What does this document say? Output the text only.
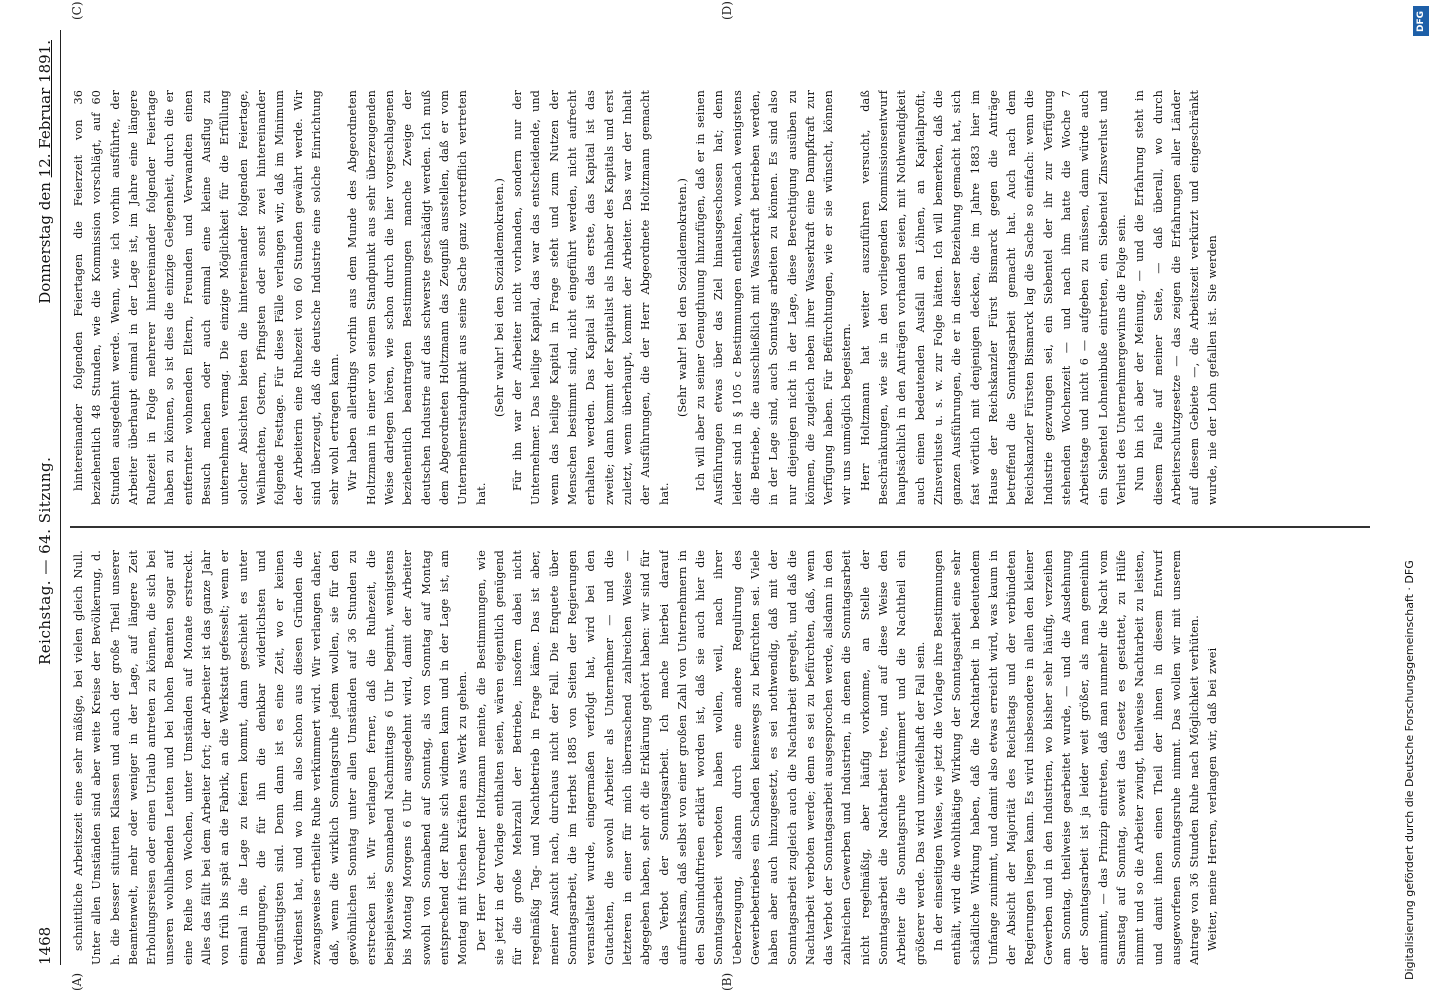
1468
Reichstag. — 64. Sitzung.
Donnerstag den 12. Februar 1891.
(A)	(B)
(C)	(D)

schnittliche Arbeitszeit eine sehr mäßige, bei vielen gleich Null. Unter allen Umständen sind aber weite Kreise der Bevölkerung, d. h. die besser situirten Klassen und auch der große Theil unserer Beamtenwelt, mehr oder weniger in der Lage, auf längere Zeit Erholungsreisen oder einen Urlaub antreten zu können, die sich bei unseren wohlhabenden Leuten und bei hohen Beamten sogar auf eine Reihe von Wochen, unter Umständen auf Monate erstreckt. Alles das fällt bei dem Arbeiter fort; der Arbeiter ist das ganze Jahr von früh bis spät an die Fabrik, an die Werkstatt gefesselt; wenn er einmal in die Lage zu feiern kommt, dann geschieht es unter Bedingungen, die für ihn die denkbar widerlichsten und ungünstigsten sind. Denn dann ist es eine Zeit, wo er keinen Verdienst hat, und wo ihm also schon aus diesen Gründen die zwangsweise ertheilte Ruhe verkümmert wird. Wir verlangen daher, daß, wenn die wirklich Sonntagsruhe jedem wollen, sie für den gewöhnlichen Sonntag unter allen Umständen auf 36 Stunden zu erstrecken ist. Wir verlangen ferner, daß die Ruhezeit, die beispielsweise Sonnabend Nachmittags 6 Uhr beginnt, wenigstens bis Montag Morgens 6 Uhr ausgedehnt wird, damit der Arbeiter sowohl von Sonnabend auf Sonntag, als von Sonntag auf Montag entsprechend der Ruhe sich widmen kann und in der Lage ist, am Montag mit frischen Kräften ans Werk zu gehen. Der Herr Vorredner Holtzmann meinte, die Bestimmungen, wie sie jetzt in der Vorlage enthalten seien, wären eigentlich genügend für die große Mehrzahl der Betriebe, insofern dabei nicht regelmäßig Tag- und Nachtbetrieb in Frage käme. Das ist aber, meiner Ansicht nach, durchaus nicht der Fall. Die Enquete über Sonntagsarbeit, die im Herbst 1885 von Seiten der Regierungen veranstaltet wurde, eingermaßen verfolgt hat, wird bei den Gutachten, die sowohl Arbeiter als Unternehmer — und die letzteren in einer für mich überraschend zahlreichen Weise — abgegeben haben, sehr oft die Erklärung gehört haben: wir sind für das Verbot der Sonntagsarbeit. Ich mache hierbei darauf aufmerksam, daß selbst von einer großen Zahl von Unternehmern in den Saloninduftrieen erklärt worden ist, daß sie auch hier die Sonntagsarbeit verboten haben wollen, weil, nach ihrer Ueberzeugung, alsdann durch eine andere Regulirung des Gewerbebetriebes ein Schaden keineswegs zu befürchten sei. Viele haben aber auch hinzugesetzt, es sei nothwendig, daß mit der Sonntagsarbeit zugleich auch die Nachtarbeit geregelt, und daß die Nachtarbeit verboten werde; denn es sei zu befürchten, daß, wenn das Verbot der Sonntagsarbeit ausgesprochen werde, alsdann in den zahlreichen Gewerben und Industrien, in denen die Sonntagsarbeit nicht regelmäßig, aber häufig vorkomme, an Stelle der Sonntagsarbeit die Nachtarbeit trete, und auf diese Weise den Arbeiter die Sonntagsruhe verkümmert und die Nachtheil ein größerer werde. Das wird unzweifelhaft der Fall sein. In der einseitigen Weise, wie jetzt die Vorlage ihre Bestimmungen enthält, wird die wohlthätige Wirkung der Sonntagsarbeit eine sehr schädliche Wirkung haben, daß die Nachtarbeit in bedeutendem Umfange zunimmt, und damit also etwas erreicht wird, was kaum in der Absicht der Majorität des Reichstags und der verbündeten Regierungen liegen kann. Es wird insbesondere in allen den kleiner Gewerben und in den Industrien, wo bisher sehr häufig, verzeihen am Sonntag, theilweise gearbeitet wurde, — und die Ausdehnung der Sonntagsarbeit ist ja leider weit größer, als man gemeinhin annimmt, — das Prinzip eintreten, daß man nunmehr die Nacht vom Samstag auf Sonntag, soweit das Gesetz es gestattet, zu Hülfe nimmt und so die Arbeiter zwingt, theilweise Nachtarbeit zu leisten, und damit ihnen einen Theil der ihnen in diesem Entwurf ausgeworfenen Sonntagsruhe nimmt. Das wollen wir mit unserem Antrage von 36 Stunden Ruhe nach Möglichkeit verhüten. Weiter, meine Herren, verlangen wir, daß bei zwei

hintereinander folgenden Feiertagen die Feierzeit von 36 beziehentlich 48 Stunden, wie die Kommission vorschlägt, auf 60 Stunden ausgedehnt werde. Wenn, wie ich vorhin ausführte, der Arbeiter überhaupt einmal in der Lage ist, im Jahre eine längere Ruhezeit in Folge mehrerer hintereinander folgender Feiertage haben zu können, so ist dies die einzige Gelegenheit, durch die er entfernter wohnenden Eltern, Freunden und Verwandten einen Besuch machen oder auch einmal eine kleine Ausflug zu unternehmen vermag. Die einzige Möglichkeit für die Erfüllung solcher Absichten bieten die hintereinander folgenden Feiertage, Weihnachten, Ostern, Pfingsten oder sonst zwei hintereinander folgende Festtage. Für diese Fälle verlangen wir, daß im Minimum der Arbeiterin eine Ruhezeit von 60 Stunden gewährt werde. Wir sind überzeugt, daß die deutsche Industrie eine solche Einrichtung sehr wohl ertragen kann. Wir haben allerdings vorhin aus dem Munde des Abgeordneten Holtzmann in einer von seinem Standpunkt aus sehr überzeugenden Weise darlegen hören, wie schon durch die hier vorgeschlagenen beziehentlich beantragten Bestimmungen manche Zweige der deutschen Industrie auf das schwerste geschädigt werden. Ich muß dem Abgeordneten Holtzmann das Zeugniß ausstellen, daß er vom Unternehmerstandpunkt aus seine Sache ganz vortrefflich vertreten hat.

(Sehr wahr! bei den Sozialdemokraten.) Für ihn war der Arbeiter nicht vorhanden, sondern nur der Unternehmer. Das heilige Kapital, das war das entscheidende, und wenn das heilige Kapital in Frage steht und zum Nutzen der Menschen bestimmt sind, nicht eingeführt werden, nicht aufrecht erhalten werden. Das Kapital ist das erste, das Kapital ist das zweite; dann kommt der Kapitalist als Inhaber des Kapitals und erst zuletzt, wenn überhaupt, kommt der Arbeiter. Das war der Inhalt der Ausführungen, die der Herr Abgeordnete Holtzmann gemacht hat.

(Sehr wahr! bei den Sozialdemokraten.) Ich will aber zu seiner Genugthuung hinzufügen, daß er in seinen Ausführungen etwas über das Ziel hinausgeschossen hat; denn leider sind in § 105 c Bestimmungen enthalten, wonach wenigstens die Betriebe, die ausschließlich mit Wasserkraft betrieben werden, in der Lage sind, auch Sonntags arbeiten zu können. Es sind also nur diejenigen nicht in der Lage, diese Berechtigung ausüben zu können, die zugleich neben ihrer Wasserkraft eine Dampfkraft zur Verfügung haben. Für Befürchtungen, wie er sie wünscht, können wir uns unmöglich begeistern. Herr Holtzmann hat weiter auszuführen versucht, daß Beschränkungen, wie sie in den vorliegenden Kommissionsentwurf hauptsächlich in den Anträgen vorhanden seien, mit Nothwendigkeit auch einen bedeutenden Ausfall an Löhnen, an Kapitalprofit, Zinsverluste u. s. w. zur Folge hätten. Ich will bemerken, daß die ganzen Ausführungen, die er in dieser Beziehung gemacht hat, sich fast wörtlich mit denjenigen decken, die im Jahre 1883 hier im Hause der Reichskanzler Fürst Bismarck gegen die Anträge betreffend die Sonntagsarbeit gemacht hat. Auch nach dem Reichskanzler Fürsten Bismarck lag die Sache so einfach: wenn die Industrie gezwungen sei, ein Siebentel der ihr zur Verfügung stehenden Wochenzeit — und nach ihm hatte die Woche 7 Arbeitstage und nicht 6 — aufgeben zu müssen, dann würde auch ein Siebentel Lohneinbuße eintreten, ein Siebentel Zinsverlust und Verlust des Unternehmergewinns die Folge sein. Nun bin ich aber der Meinung, — und die Erfahrung steht in diesem Falle auf meiner Seite, — daß überall, wo durch Arbeiterschutzgesetze — das zeigen die Erfahrungen aller Länder auf diesem Gebiete —, die Arbeitszeit verkürzt und eingeschränkt wurde, nie der Lohn gefallen ist. Sie werden

Digitalisierung gefördert durch die Deutsche Forschungsgemeinschaft · DFG
DFG
